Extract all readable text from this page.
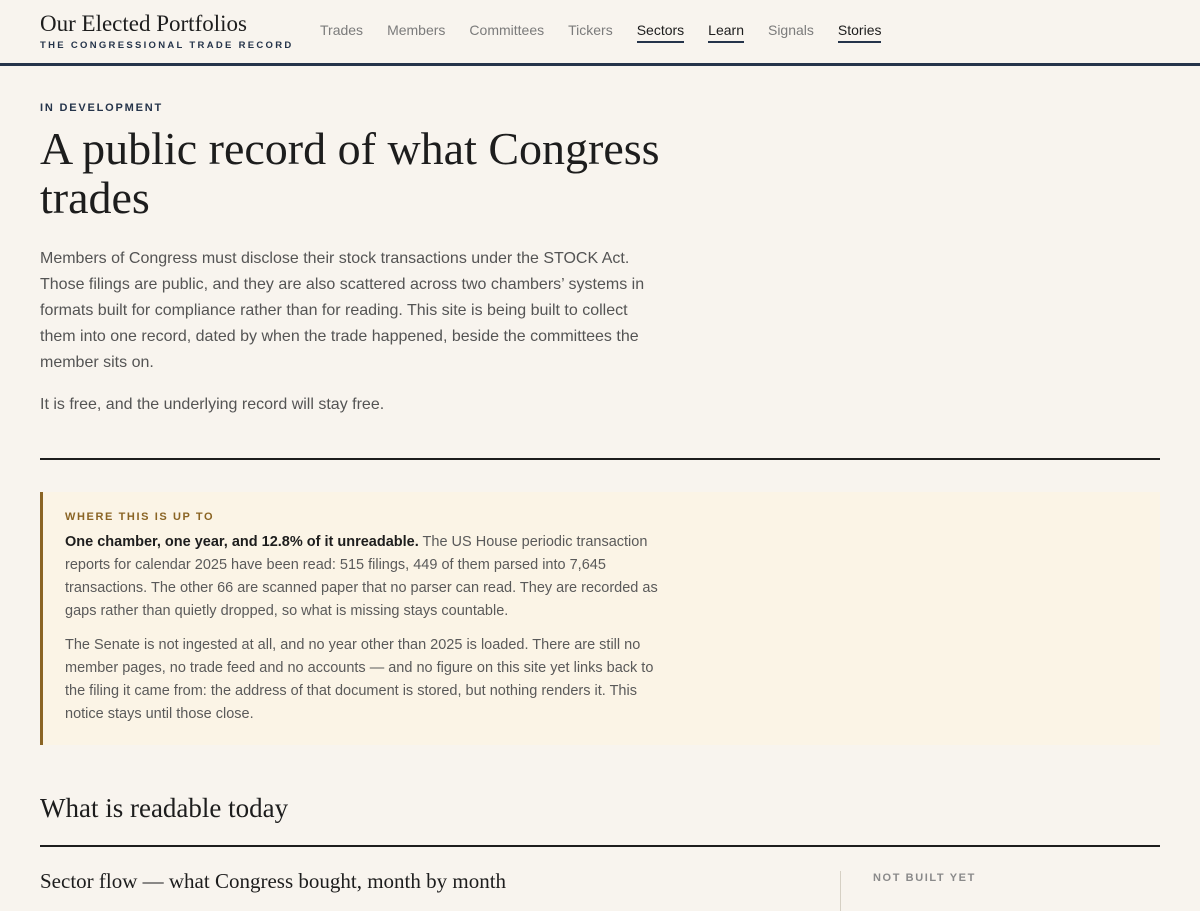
Our Elected Portfolios
THE CONGRESSIONAL TRADE RECORD
Trades Members Committees Tickers Sectors Learn Signals Stories
IN DEVELOPMENT
A public record of what Congress trades

Members of Congress must disclose their stock transactions under the STOCK Act. Those filings are public, and they are also scattered across two chambers’ systems in formats built for compliance rather than for reading. This site is being built to collect them into one record, dated by when the trade happened, beside the committees the member sits on.

It is free, and the underlying record will stay free.

WHERE THIS IS UP TO

One chamber, one year, and 12.8% of it unreadable. The US House periodic transaction reports for calendar 2025 have been read: 515 filings, 449 of them parsed into 7,645 transactions. The other 66 are scanned paper that no parser can read. They are recorded as gaps rather than quietly dropped, so what is missing stays countable.

The Senate is not ingested at all, and no year other than 2025 is loaded. There are still no member pages, no trade feed and no accounts — and no figure on this site yet links back to the filing it came from: the address of that document is stored, but nothing renders it. This notice stays until those close.

What is readable today
Sector flow — what Congress bought, month by month	NOT BUILT YET
